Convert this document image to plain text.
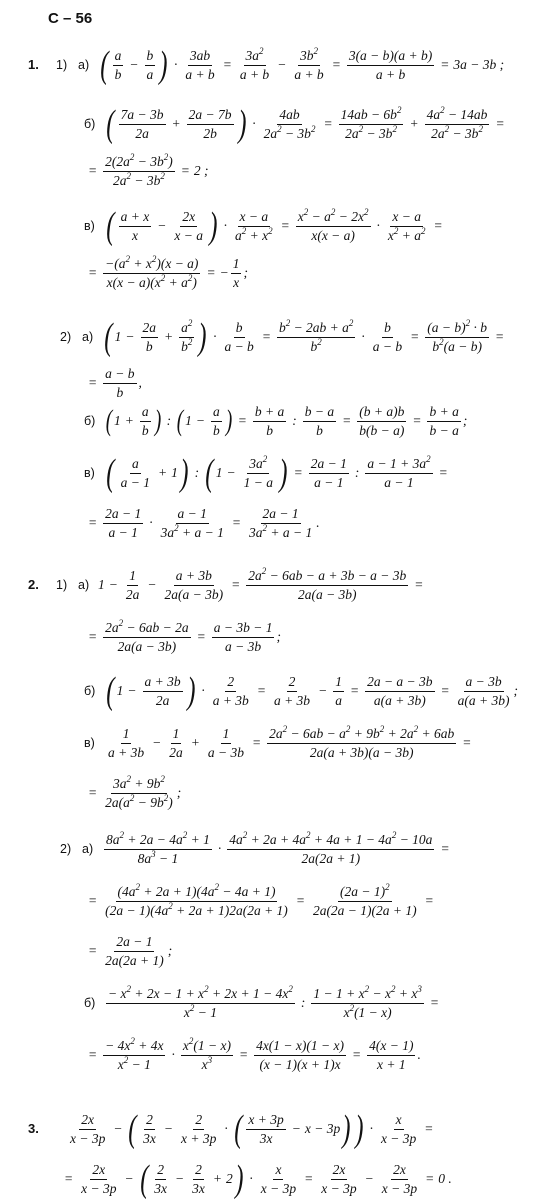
С – 56
1.	1) а) ( a
b
− $\frac{b}{a}$ ) · $\frac{3ab}{a + b} = \frac{3a^2}{a + b} - \frac{3b^2}{a + b} = \frac{3(a - b)(a + b)}{a + b} = 3a - 3b$ ;
б) ( 7a − 3b
2a
+ $\frac{2a - 7b}{2b}$ ) · $\frac{4ab}{2a^2 - 3b^2} = \frac{14ab - 6b^2}{2a^2 - 3b^2} + \frac{4a^2 - 14ab}{2a^2 - 3b^2}$ =
= $\frac{2(2a^2 - 3b^2)}{2a^2 - 3b^2} = 2$ ;
в) ( a + x
x
− $\frac{2x}{x - a}$ ) · $\frac{x - a}{a^2 + x^2} = \frac{x^2 - a^2 - 2x^2}{x(x - a)} \cdot \frac{x - a}{x^2 + a^2}$ =
= $\frac{-(a^2 + x^2)(x - a)}{x(x - a)(x^2 + a^2)}$ = − $\frac{1}{x}$ ;
2) а) ( $1 - \frac{2a}{b} + \frac{a^2}{b^2}$ ) · $\frac{b}{a - b} = \frac{b^2 - 2ab + a^2}{b^2} \cdot \frac{b}{a - b} = \frac{(a - b)^2 \cdot b}{b^2(a - b)}$ =
= $\frac{a - b}{b}$ ,
б) ( $1 + \frac{a}{b}$ ) : ( $1 - \frac{a}{b}$ ) = $\frac{b + a}{b}$ : $\frac{b - a}{b} = \frac{(b + a)b}{b(b - a)} = \frac{b + a}{b - a}$ ;
в) ( a
a − 1
+ 1 ) : ( $1 - \frac{3a^2}{1 - a}$ ) = $\frac{2a - 1}{a - 1}$ : $\frac{a - 1 + 3a^2}{a - 1}$ =
= $\frac{2a - 1}{a - 1} \cdot \frac{a - 1}{3a^2 + a - 1} = \frac{2a - 1}{3a^2 + a - 1}$ .
2.	1) а) $1 - \frac{1}{2a} - \frac{a + 3b}{2a(a - 3b)} = \frac{2a^2 - 6ab - a + 3b - a - 3b}{2a(a - 3b)}$ =
= $\frac{2a^2 - 6ab - 2a}{2a(a - 3b)} = \frac{a - 3b - 1}{a - 3b}$ ;
б) ( $1 - \frac{a + 3b}{2a}$ ) · $\frac{2}{a + 3b} = \frac{2}{a + 3b} - \frac{1}{a} = \frac{2a - a - 3b}{a(a + 3b)} = \frac{a - 3b}{a(a + 3b)}$ ;
в)
1
a + 3b
− $\frac{1}{2a} + \frac{1}{a - 3b} = \frac{2a^2 - 6ab - a^2 + 9b^2 + 2a^2 + 6ab}{2a(a + 3b)(a - 3b)}$ =
= $\frac{3a^2 + 9b^2}{2a(a^2 - 9b^2)}$ ;
2) а)
$8a^2 + 2a - 4a^2 + 1$
$8a^3 - 1$
· $\frac{4a^2 + 2a + 4a^2 + 4a + 1 - 4a^2 - 10a}{2a(2a + 1)}$ =
= $\frac{(4a^2 + 2a + 1)(4a^2 - 4a + 1)}{(2a - 1)(4a^2 + 2a + 1)2a(2a + 1)} = \frac{(2a - 1)^2}{2a(2a - 1)(2a + 1)}$ =
= $\frac{2a - 1}{2a(2a + 1)}$ ;
б)
− $x^2 + 2x - 1 + x^2 + 2x + 1 - 4x^2$
$x^2 - 1$
: $\frac{1 - 1 + x^2 - x^2 + x^3}{x^2(1 - x)}$ =
= $\frac{- 4x^2 + 4x}{x^2 - 1} \cdot \frac{x^2(1 - x)}{x^3} = \frac{4x(1 - x)(1 - x)}{(x - 1)(x + 1)x} = \frac{4(x - 1)}{x + 1}$ .
3.
2x
x − 3p
− ( 2
3x
− $\frac{2}{x + 3p}$ · ( x + 3p
3x
− x − 3p ) ) · $\frac{x}{x - 3p}$ =
= $\frac{2x}{x - 3p}$ − ( 2
3x
− $\frac{2}{3x} + 2$ ) · $\frac{x}{x - 3p} = \frac{2x}{x - 3p} - \frac{2x}{x - 3p} = 0$ .
